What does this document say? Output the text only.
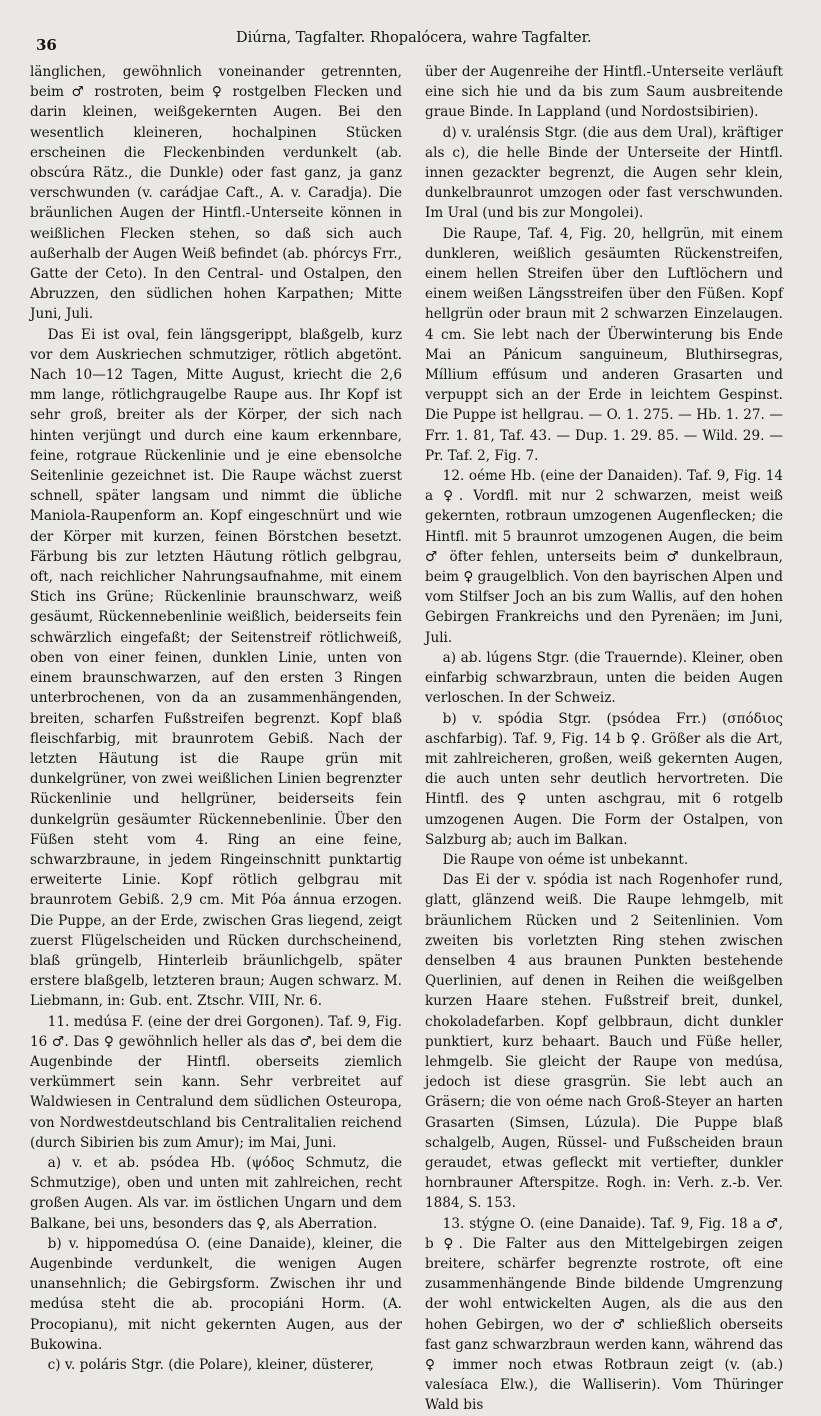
36	Diúrna, Tagfalter. Rhopalócera, wahre Tagfalter.

länglichen, gewöhnlich voneinander getrennten, beim ♂ rostroten, beim ♀ rostgelben Flecken und darin kleinen, weißgekernten Augen. Bei den wesentlich kleineren, hochalpinen Stücken erscheinen die Fleckenbinden verdunkelt (ab. obscúra Rätz., die Dunkle) oder fast ganz, ja ganz verschwunden (v. carádjae Caft., A. v. Caradja). Die bräunlichen Augen der Hintfl.-Unterseite können in weißlichen Flecken stehen, so daß sich auch außerhalb der Augen Weiß befindet (ab. phórcys Frr., Gatte der Ceto). In den Central- und Ostalpen, den Abruzzen, den südlichen hohen Karpathen; Mitte Juni, Juli.

Das Ei ist oval, fein längsgerippt, blaßgelb, kurz vor dem Auskriechen schmutziger, rötlich abgetönt. Nach 10—12 Tagen, Mitte August, kriecht die 2,6 mm lange, rötlichgraugelbe Raupe aus. Ihr Kopf ist sehr groß, breiter als der Körper, der sich nach hinten verjüngt und durch eine kaum erkennbare, feine, rotgraue Rückenlinie und je eine ebensolche Seitenlinie gezeichnet ist. Die Raupe wächst zuerst schnell, später langsam und nimmt die übliche Maniola-Raupenform an. Kopf eingeschnürt und wie der Körper mit kurzen, feinen Börstchen besetzt. Färbung bis zur letzten Häutung rötlich gelbgrau, oft, nach reichlicher Nahrungsaufnahme, mit einem Stich ins Grüne; Rückenlinie braunschwarz, weiß gesäumt, Rückennebenlinie weißlich, beiderseits fein schwärzlich eingefaßt; der Seitenstreif rötlichweiß, oben von einer feinen, dunklen Linie, unten von einem braunschwarzen, auf den ersten 3 Ringen unterbrochenen, von da an zusammenhängenden, breiten, scharfen Fußstreifen begrenzt. Kopf blaß fleischfarbig, mit braunrotem Gebiß. Nach der letzten Häutung ist die Raupe grün mit dunkelgrüner, von zwei weißlichen Linien begrenzter Rückenlinie und hellgrüner, beiderseits fein dunkelgrün gesäumter Rückennebenlinie. Über den Füßen steht vom 4. Ring an eine feine, schwarzbraune, in jedem Ringeinschnitt punktartig erweiterte Linie. Kopf rötlich gelbgrau mit braunrotem Gebiß. 2,9 cm. Mit Póa ánnua erzogen. Die Puppe, an der Erde, zwischen Gras liegend, zeigt zuerst Flügelscheiden und Rücken durchscheinend, blaß grüngelb, Hinterleib bräunlichgelb, später erstere blaßgelb, letzteren braun; Augen schwarz. M. Liebmann, in: Gub. ent. Ztschr. VIII, Nr. 6.

11. medúsa F. (eine der drei Gorgonen). Taf. 9, Fig. 16 ♂. Das ♀ gewöhnlich heller als das ♂, bei dem die Augenbinde der Hintfl. oberseits ziemlich verkümmert sein kann. Sehr verbreitet auf Waldwiesen in Centralund dem südlichen Osteuropa, von Nordwestdeutschland bis Centralitalien reichend (durch Sibirien bis zum Amur); im Mai, Juni.

a) v. et ab. psódea Hb. (ψόδος Schmutz, die Schmutzige), oben und unten mit zahlreichen, recht großen Augen. Als var. im östlichen Ungarn und dem Balkane, bei uns, besonders das ♀, als Aberration.

b) v. hippomedúsa O. (eine Danaide), kleiner, die Augenbinde verdunkelt, die wenigen Augen unansehnlich; die Gebirgsform. Zwischen ihr und medúsa steht die ab. procopiáni Horm. (A. Procopianu), mit nicht gekernten Augen, aus der Bukowina.

c) v. poláris Stgr. (die Polare), kleiner, düsterer,

über der Augenreihe der Hintfl.-Unterseite verläuft eine sich hie und da bis zum Saum ausbreitende graue Binde. In Lappland (und Nordostsibirien).

d) v. uralénsis Stgr. (die aus dem Ural), kräftiger als c), die helle Binde der Unterseite der Hintfl. innen gezackter begrenzt, die Augen sehr klein, dunkelbraunrot umzogen oder fast verschwunden. Im Ural (und bis zur Mongolei).

Die Raupe, Taf. 4, Fig. 20, hellgrün, mit einem dunkleren, weißlich gesäumten Rückenstreifen, einem hellen Streifen über den Luftlöchern und einem weißen Längsstreifen über den Füßen. Kopf hellgrün oder braun mit 2 schwarzen Einzelaugen. 4 cm. Sie lebt nach der Überwinterung bis Ende Mai an Pánicum sanguineum, Bluthirsegras, Míllium effúsum und anderen Grasarten und verpuppt sich an der Erde in leichtem Gespinst. Die Puppe ist hellgrau. — O. 1. 275. — Hb. 1. 27. — Frr. 1. 81, Taf. 43. — Dup. 1. 29. 85. — Wild. 29. — Pr. Taf. 2, Fig. 7.

12. oéme Hb. (eine der Danaiden). Taf. 9, Fig. 14 a ♀. Vordfl. mit nur 2 schwarzen, meist weiß gekernten, rotbraun umzogenen Augenflecken; die Hintfl. mit 5 braunrot umzogenen Augen, die beim ♂ öfter fehlen, unterseits beim ♂ dunkelbraun, beim ♀ graugelblich. Von den bayrischen Alpen und vom Stilfser Joch an bis zum Wallis, auf den hohen Gebirgen Frankreichs und den Pyrenäen; im Juni, Juli.

a) ab. lúgens Stgr. (die Trauernde). Kleiner, oben einfarbig schwarzbraun, unten die beiden Augen verloschen. In der Schweiz.

b) v. spódia Stgr. (psódea Frr.) (σπόδιος aschfarbig). Taf. 9, Fig. 14 b ♀. Größer als die Art, mit zahlreicheren, großen, weiß gekernten Augen, die auch unten sehr deutlich hervortreten. Die Hintfl. des ♀ unten aschgrau, mit 6 rotgelb umzogenen Augen. Die Form der Ostalpen, von Salzburg ab; auch im Balkan.

Die Raupe von oéme ist unbekannt.

Das Ei der v. spódia ist nach Rogenhofer rund, glatt, glänzend weiß. Die Raupe lehmgelb, mit bräunlichem Rücken und 2 Seitenlinien. Vom zweiten bis vorletzten Ring stehen zwischen denselben 4 aus braunen Punkten bestehende Querlinien, auf denen in Reihen die weißgelben kurzen Haare stehen. Fußstreif breit, dunkel, chokoladefarben. Kopf gelbbraun, dicht dunkler punktiert, kurz behaart. Bauch und Füße heller, lehmgelb. Sie gleicht der Raupe von medúsa, jedoch ist diese grasgrün. Sie lebt auch an Gräsern; die von oéme nach Groß-Steyer an harten Grasarten (Simsen, Lúzula). Die Puppe blaß schalgelb, Augen, Rüssel- und Fußscheiden braun geraudet, etwas gefleckt mit vertiefter, dunkler hornbrauner Afterspitze. Rogh. in: Verh. z.-b. Ver. 1884, S. 153.

13. stýgne O. (eine Danaide). Taf. 9, Fig. 18 a ♂, b ♀. Die Falter aus den Mittelgebirgen zeigen breitere, schärfer begrenzte rostrote, oft eine zusammenhängende Binde bildende Umgrenzung der wohl entwickelten Augen, als die aus den hohen Gebirgen, wo der ♂ schließlich oberseits fast ganz schwarzbraun werden kann, während das ♀ immer noch etwas Rotbraun zeigt (v. (ab.) valesíaca Elw.), die Walliserin). Vom Thüringer Wald bis
